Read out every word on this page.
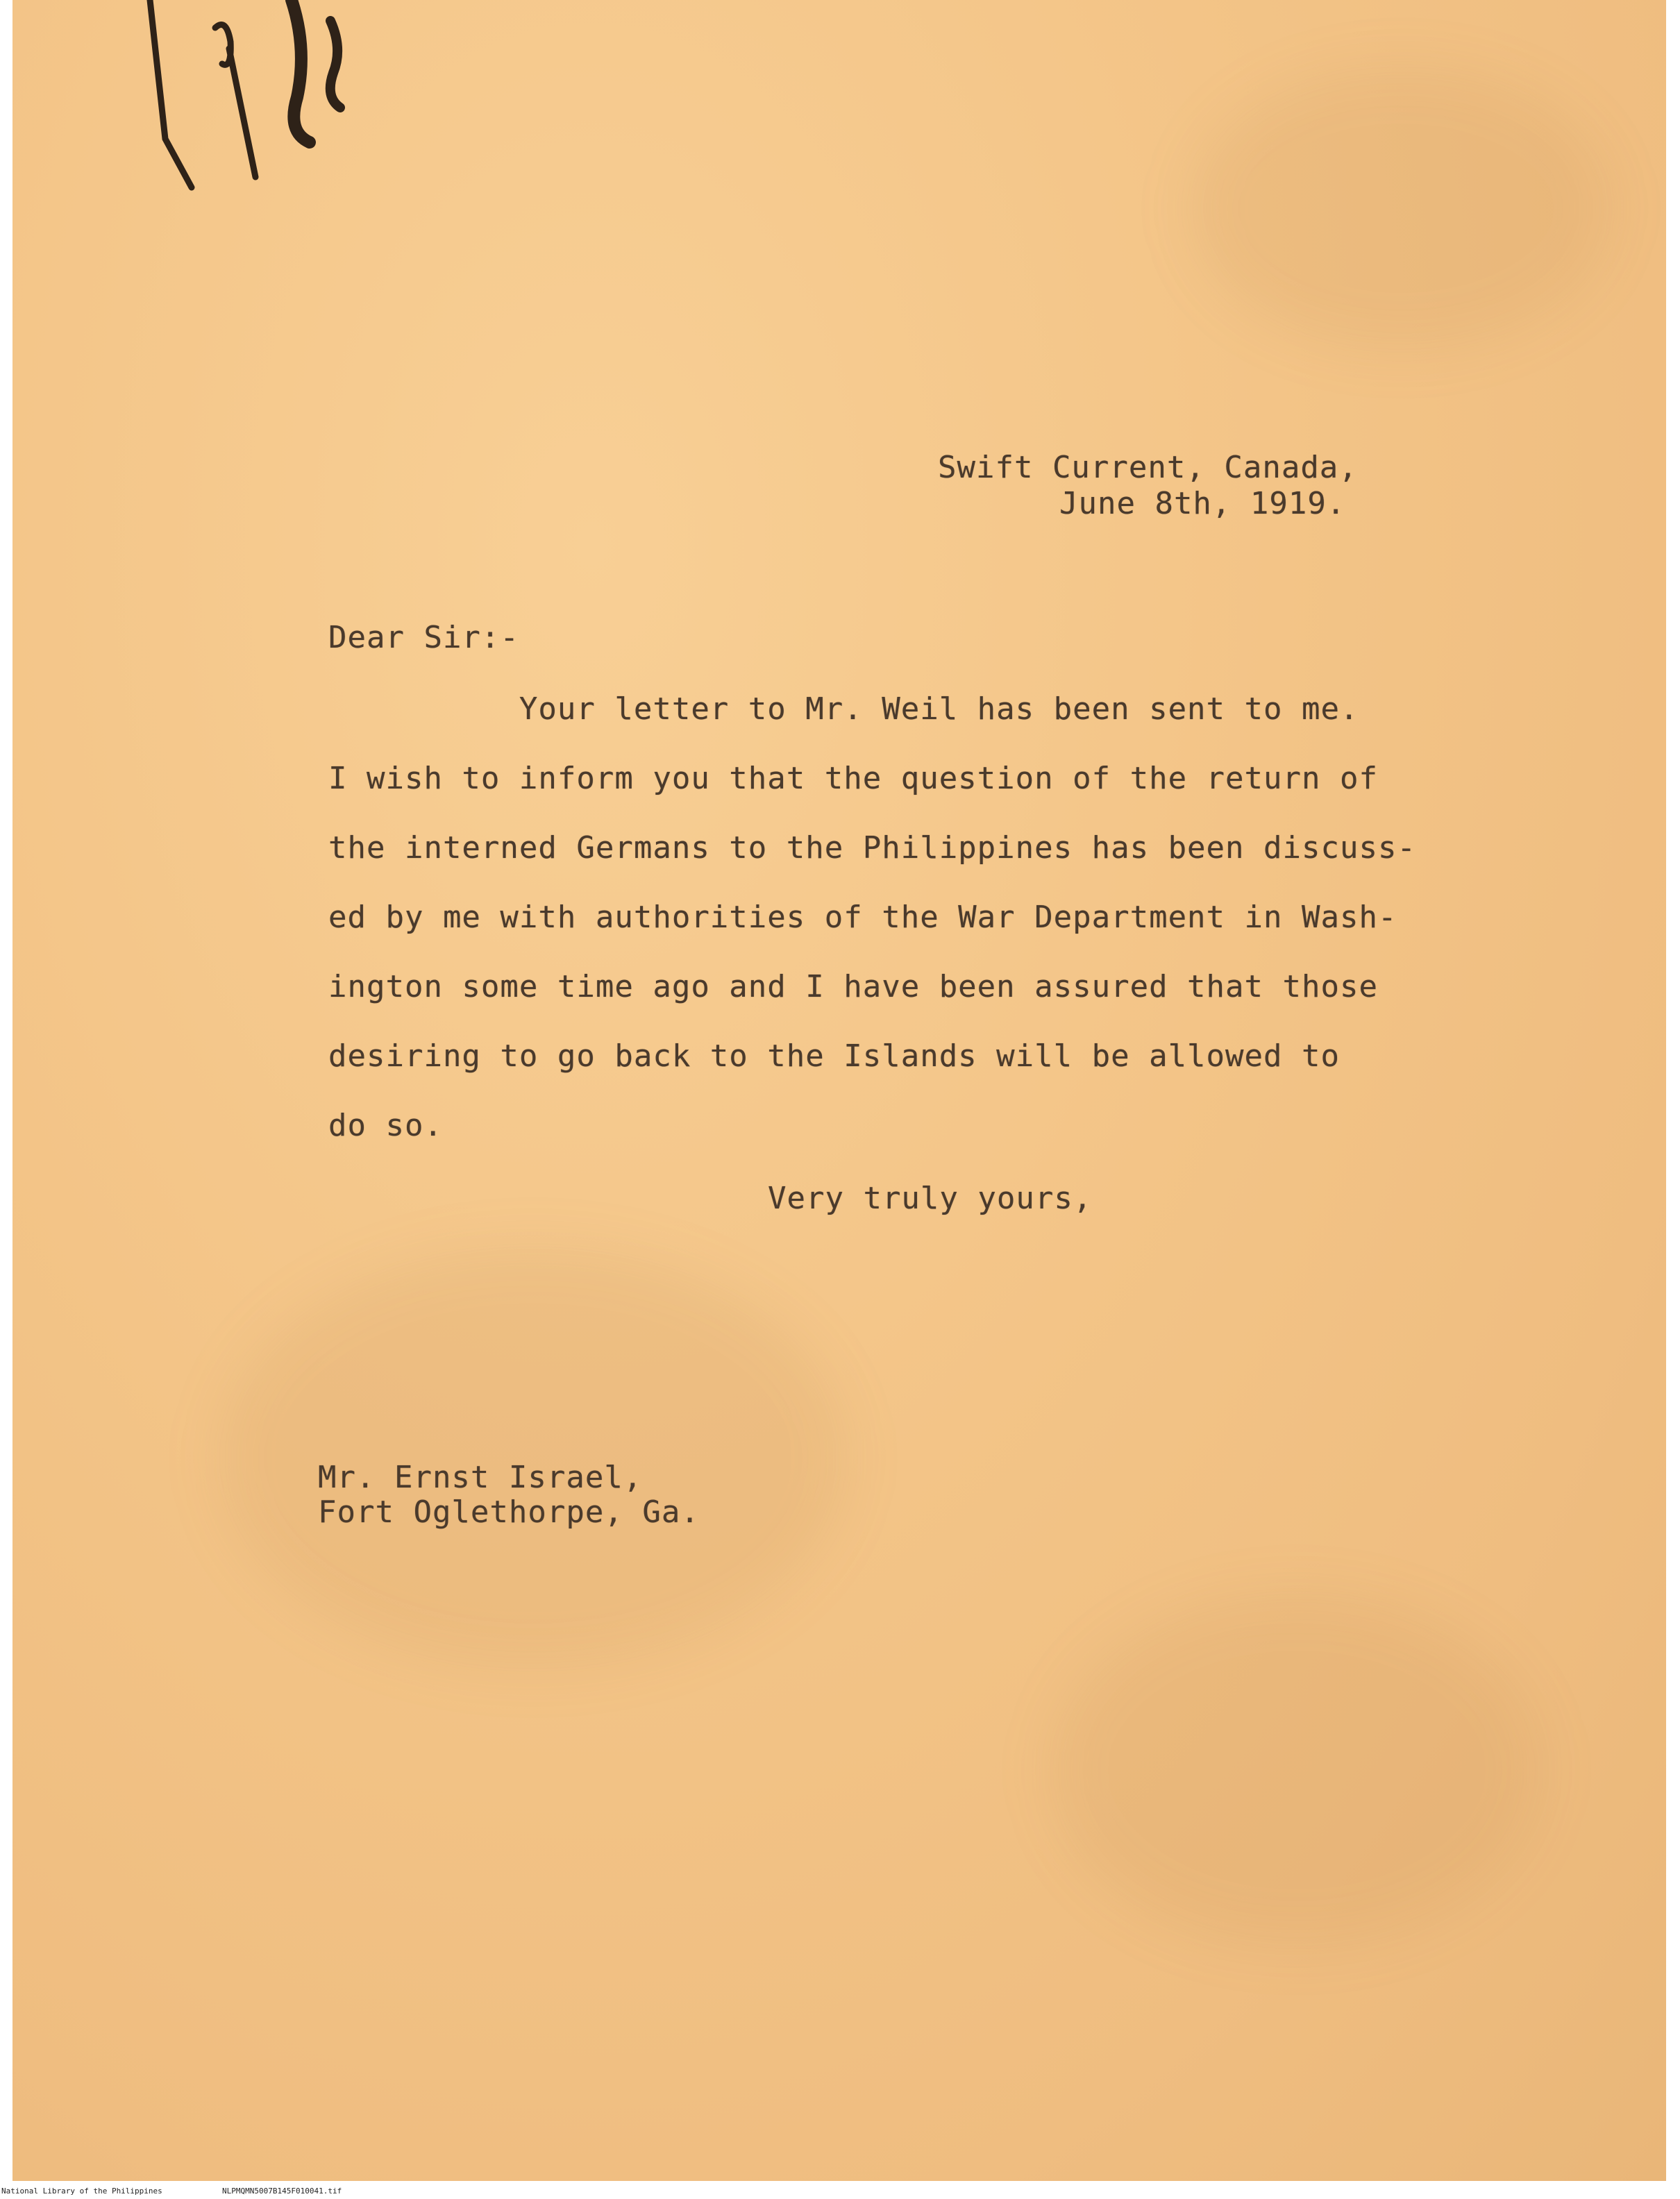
Swift Current, Canada,
June 8th, 1919.
Dear Sir:-
Your letter to Mr. Weil has been sent to me.
I wish to inform you that the question of the return of
the interned Germans to the Philippines has been discuss-
ed by me with authorities of the War Department in Wash-
ington some time ago and I have been assured that those
desiring to go back to the Islands will be allowed to
do so.
Very truly yours,
Mr. Ernst Israel,
Fort Oglethorpe, Ga.
National Library of the Philippines	NLPMQMN5007B145F010041.tif
